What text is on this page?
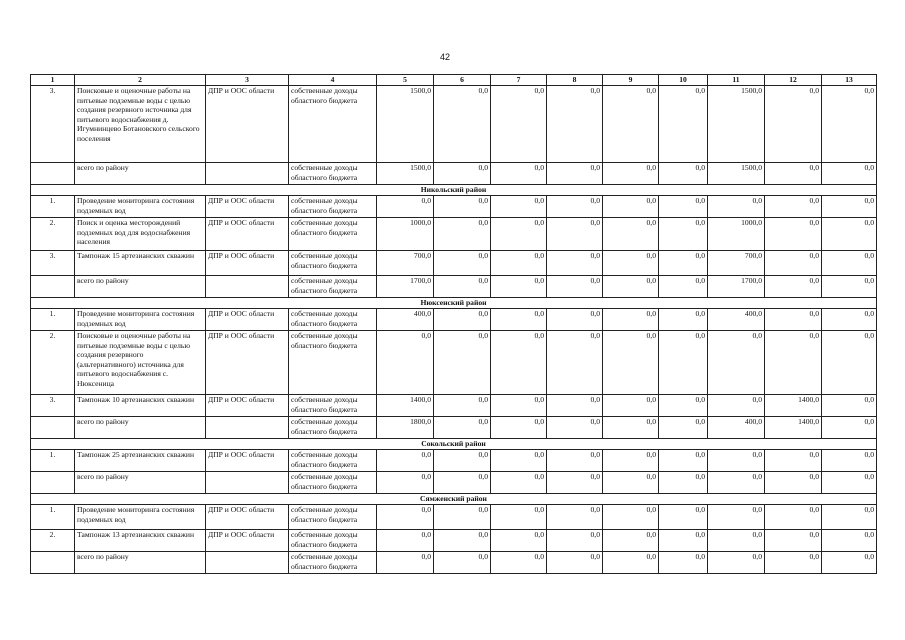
42
1	2	3	4	5	6	7	8	9	10	11	12	13
3.	Поисковые и оценочные работы на питьевые подземные воды с целью создания резервного источника для питьевого водоснабжения д. Игумнинцево Ботановского сельского поселения	ДПР и ООС области	собственные доходы областного бюджета	1500,0	0,0	0,0	0,0	0,0	0,0	1500,0	0,0	0,0
	всего по району		собственные доходы областного бюджета	1500,0	0,0	0,0	0,0	0,0	0,0	1500,0	0,0	0,0
Никольский район												
1.	Проведение мониторинга состояния подземных вод	ДПР и ООС области	собственные доходы областного бюджета	0,0	0,0	0,0	0,0	0,0	0,0	0,0	0,0	0,0
2.	Поиск и оценка месторождений подземных вод для водоснабжения населения	ДПР и ООС области	собственные доходы областного бюджета	1000,0	0,0	0,0	0,0	0,0	0,0	1000,0	0,0	0,0
3.	Тампонаж 15 артезианских скважин	ДПР и ООС области	собственные доходы областного бюджета	700,0	0,0	0,0	0,0	0,0	0,0	700,0	0,0	0,0
	всего по району		собственные доходы областного бюджета	1700,0	0,0	0,0	0,0	0,0	0,0	1700,0	0,0	0,0
Нюксенский район												
1.	Проведение мониторинга состояния подземных вод	ДПР и ООС области	собственные доходы областного бюджета	400,0	0,0	0,0	0,0	0,0	0,0	400,0	0,0	0,0
2.	Поисковые и оценочные работы на питьевые подземные воды с целью создания резервного (альтернативного) источника для питьевого водоснабжения с. Нюксеница	ДПР и ООС области	собственные доходы областного бюджета	0,0	0,0	0,0	0,0	0,0	0,0	0,0	0,0	0,0
3.	Тампонаж 10 артезианских скважин	ДПР и ООС области	собственные доходы областного бюджета	1400,0	0,0	0,0	0,0	0,0	0,0	0,0	1400,0	0,0
	всего по району		собственные доходы областного бюджета	1800,0	0,0	0,0	0,0	0,0	0,0	400,0	1400,0	0,0
Сокольский район												
1.	Тампонаж 25 артезианских скважин	ДПР и ООС области	собственные доходы областного бюджета	0,0	0,0	0,0	0,0	0,0	0,0	0,0	0,0	0,0
	всего по району		собственные доходы областного бюджета	0,0	0,0	0,0	0,0	0,0	0,0	0,0	0,0	0,0
Сямженский район												
1.	Проведение мониторинга состояния подземных вод	ДПР и ООС области	собственные доходы областного бюджета	0,0	0,0	0,0	0,0	0,0	0,0	0,0	0,0	0,0
2.	Тампонаж 13 артезианских скважин	ДПР и ООС области	собственные доходы областного бюджета	0,0	0,0	0,0	0,0	0,0	0,0	0,0	0,0	0,0
	всего по району		собственные доходы областного бюджета	0,0	0,0	0,0	0,0	0,0	0,0	0,0	0,0	0,0
